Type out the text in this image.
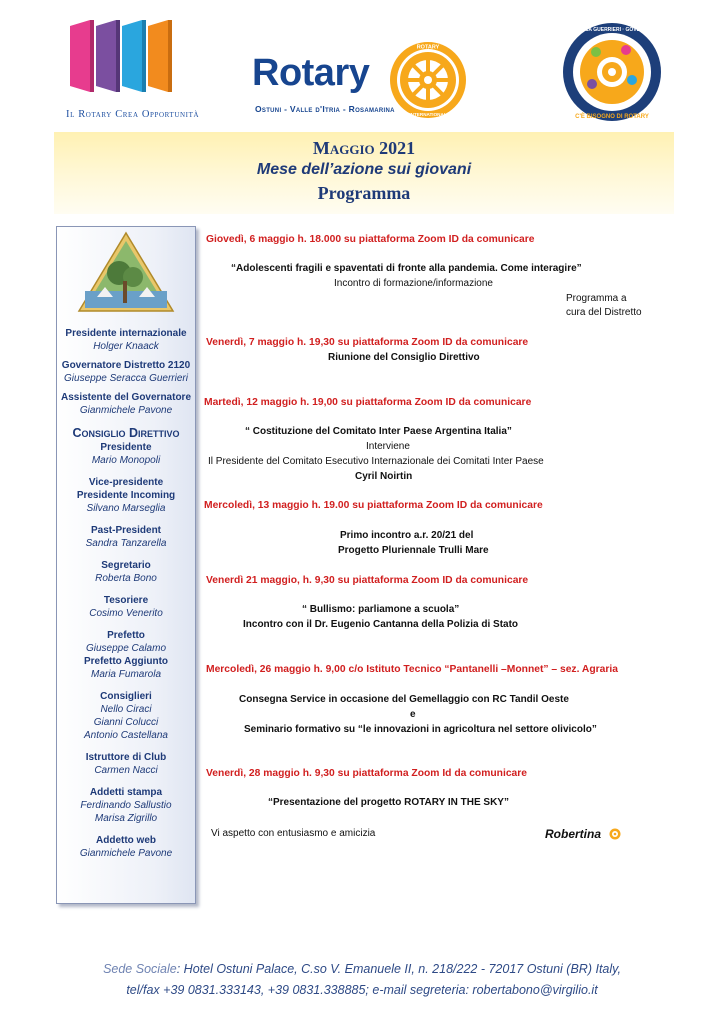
Il Rotary Crea Opportunità
Rotary
Ostuni - Valle d'Itria - Rosamarina
ROTARY
INTERNATIONAL
GIUSEPPE SERACCA GUERRIERI · GOVERNATORE 2020/21
C'È BISOGNO DI ROTARY
Maggio 2021
Mese dell’azione sui giovani
Programma
Presidente internazionale
Holger Knaack
Governatore Distretto 2120
Giuseppe Seracca Guerrieri
Assistente del Governatore
Gianmichele Pavone
Consiglio Direttivo
Presidente
Mario Monopoli
Vice-presidente
Presidente Incoming
Silvano Marseglia
Past-President
Sandra Tanzarella
Segretario
Roberta Bono
Tesoriere
Cosimo Venerito
Prefetto
Giuseppe Calamo
Prefetto Aggiunto
Maria Fumarola
Consiglieri
Nello Ciraci
Gianni Colucci
Antonio Castellana
Istruttore di Club
Carmen Nacci
Addetti stampa
Ferdinando Sallustio
Marisa Zigrillo
Addetto web
Gianmichele Pavone
Giovedì, 6 maggio h. 18.000 su piattaforma Zoom ID da comunicare
“Adolescenti fragili e spaventati di fronte alla pandemia. Come interagire”
Incontro di formazione/informazione
Programma a
cura del Distretto
Venerdì, 7 maggio h. 19,30 su piattaforma Zoom ID da comunicare
Riunione del Consiglio Direttivo
Martedì, 12 maggio h. 19,00 su piattaforma Zoom ID da comunicare
“ Costituzione del Comitato Inter Paese Argentina Italia”
Interviene
Il Presidente del Comitato Esecutivo Internazionale dei Comitati Inter Paese
Cyril Noirtin
Mercoledì, 13 maggio h. 19.00 su piattaforma Zoom ID da comunicare
Primo incontro a.r. 20/21 del
Progetto Pluriennale Trulli Mare
Venerdì 21 maggio, h. 9,30 su piattaforma Zoom ID da comunicare
“ Bullismo: parliamone a scuola”
Incontro con il Dr. Eugenio Cantanna della Polizia di Stato
Mercoledì, 26 maggio h. 9,00 c/o Istituto Tecnico “Pantanelli –Monnet” – sez. Agraria
Consegna Service in occasione del Gemellaggio con RC Tandil Oeste
e
Seminario formativo su “le innovazioni in agricoltura nel settore olivicolo”
Venerdì, 28 maggio h. 9,30 su piattaforma Zoom Id da comunicare
“Presentazione del progetto ROTARY IN THE SKY”
Vi aspetto con entusiasmo e amicizia	Robertina
Sede Sociale: Hotel Ostuni Palace, C.so V. Emanuele II, n. 218/222 - 72017 Ostuni (BR) Italy,
tel/fax +39 0831.333143, +39 0831.338885; e-mail segreteria: robertabono@virgilio.it
